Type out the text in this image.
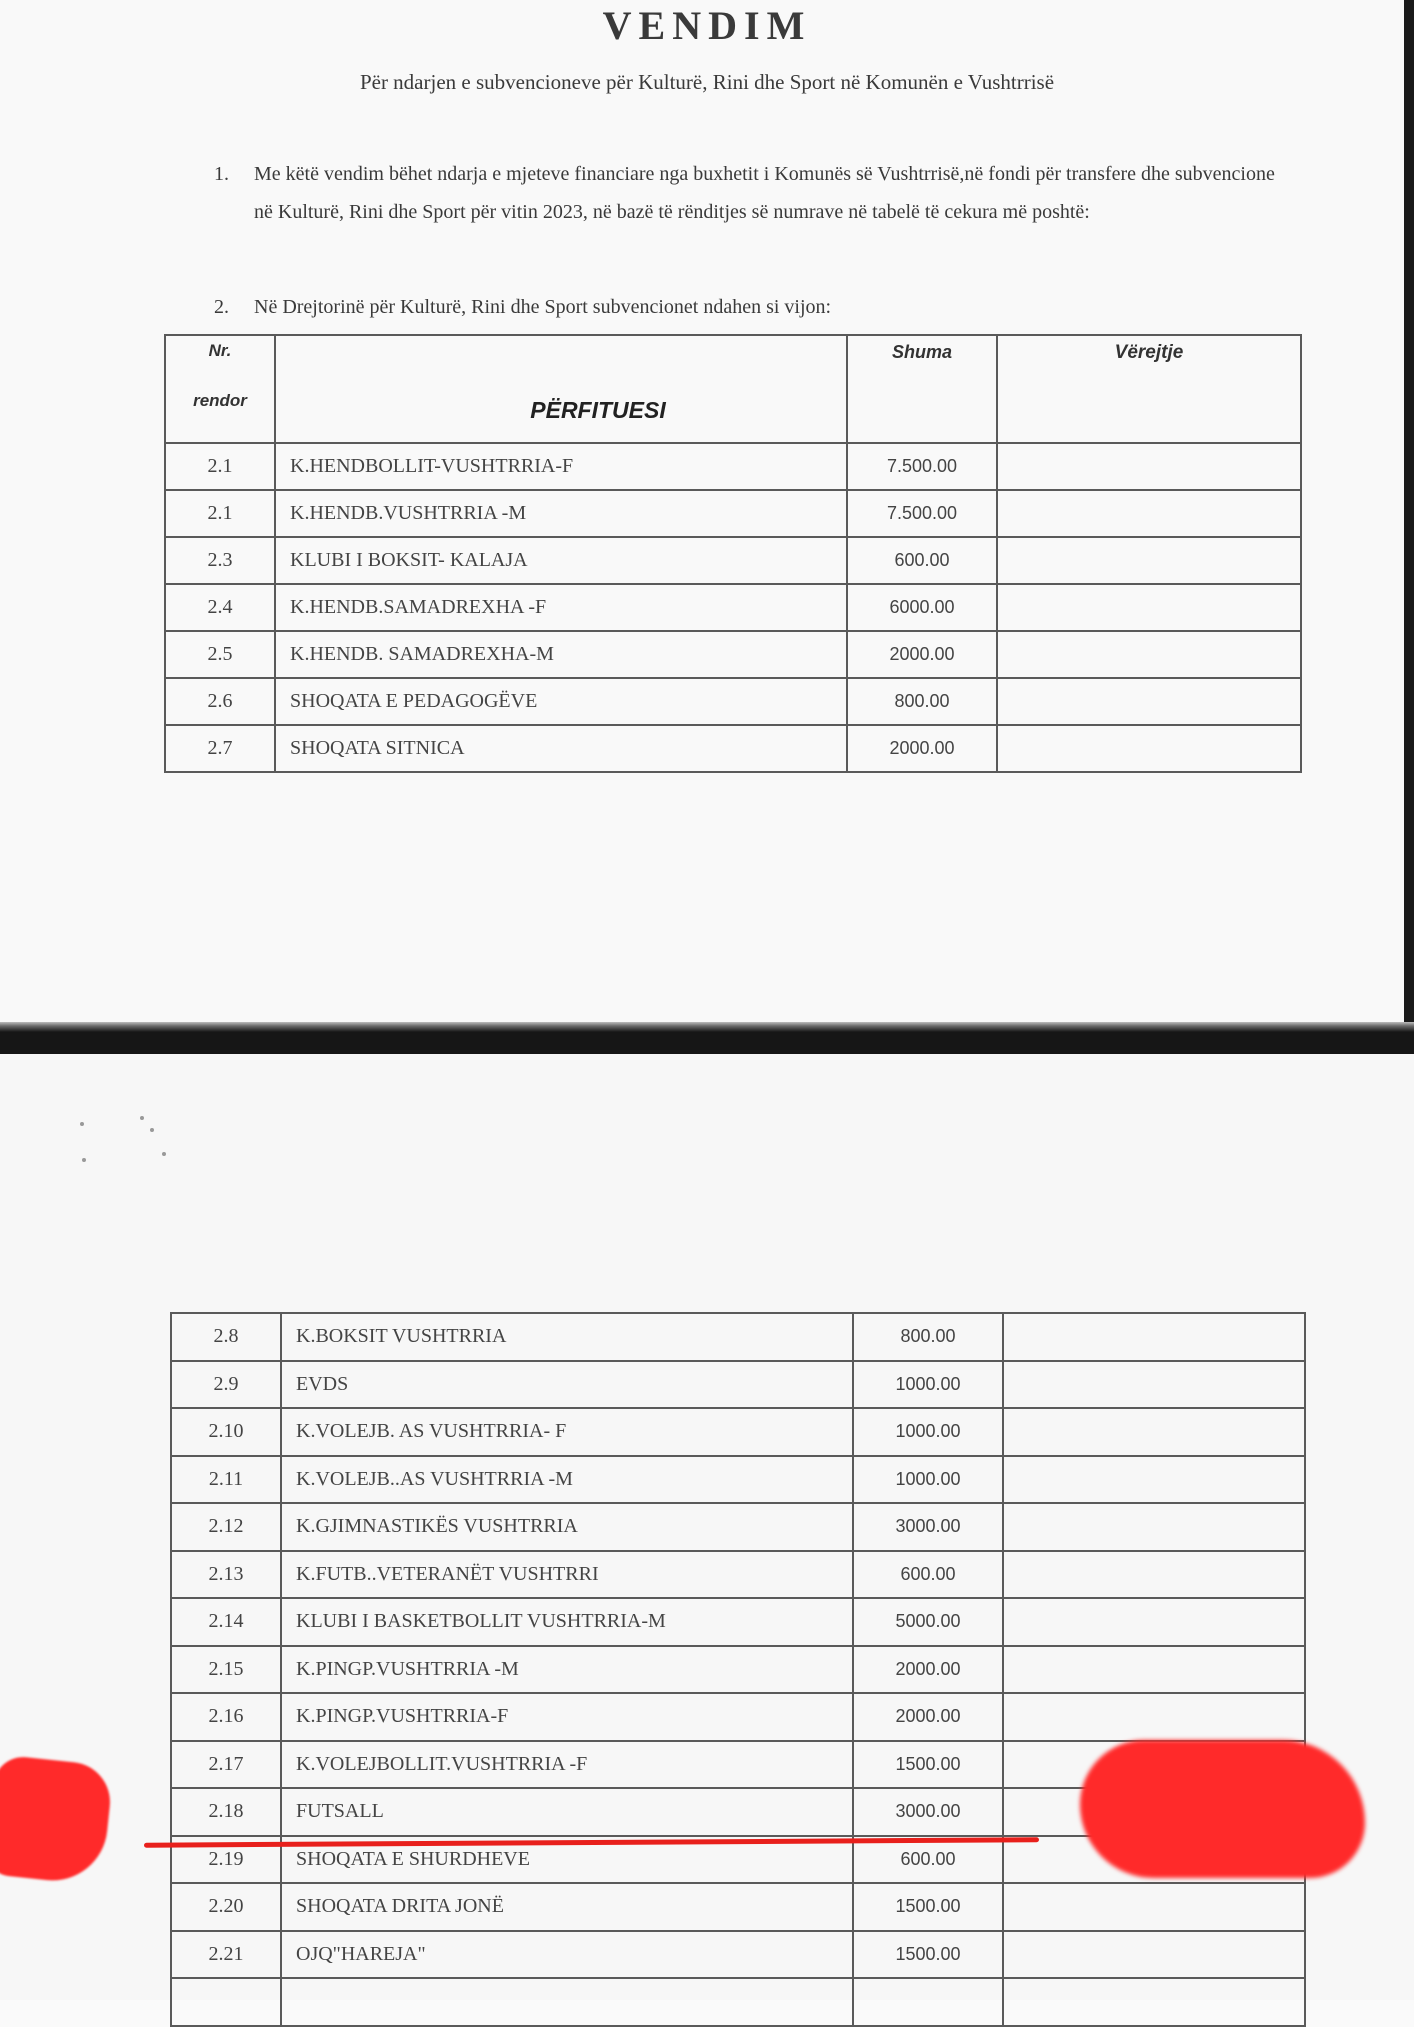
VENDIM
Për ndarjen e subvencioneve për Kulturë, Rini dhe Sport në Komunën e Vushtrrisë
1. Me këtë vendim bëhet ndarja e mjeteve financiare nga buxhetit i Komunës së Vushtrrisë,në fondi për transfere dhe subvencione në Kulturë, Rini dhe Sport për vitin 2023, në bazë të rënditjes së numrave në tabelë të cekura më poshtë:
2. Në Drejtorinë për Kulturë, Rini dhe Sport subvencionet ndahen si vijon:
Nr.
rendor	PËRFITUESI	Shuma	Vërejtje

2.1	K.HENDBOLLIT-VUSHTRRIA-F	7.500.00	
2.1	K.HENDB.VUSHTRRIA -M	7.500.00	
2.3	KLUBI I BOKSIT- KALAJA	600.00	
2.4	K.HENDB.SAMADREXHA -F	6000.00	
2.5	K.HENDB. SAMADREXHA-M	2000.00	
2.6	SHOQATA E PEDAGOGËVE	800.00	
2.7	SHOQATA SITNICA	2000.00	
2.8	K.BOKSIT VUSHTRRIA	800.00	
2.9	EVDS	1000.00	
2.10	K.VOLEJB. AS VUSHTRRIA- F	1000.00	
2.11	K.VOLEJB..AS VUSHTRRIA -M	1000.00	
2.12	K.GJIMNASTIKËS VUSHTRRIA	3000.00	
2.13	K.FUTB..VETERANËT VUSHTRRI	600.00	
2.14	KLUBI I BASKETBOLLIT VUSHTRRIA-M	5000.00	
2.15	K.PINGP.VUSHTRRIA -M	2000.00	
2.16	K.PINGP.VUSHTRRIA-F	2000.00	
2.17	K.VOLEJBOLLIT.VUSHTRRIA -F	1500.00	
2.18	FUTSALL	3000.00	
2.19	SHOQATA E SHURDHEVE	600.00	
2.20	SHOQATA DRITA JONË	1500.00	
2.21	OJQ"HAREJA"	1500.00	
